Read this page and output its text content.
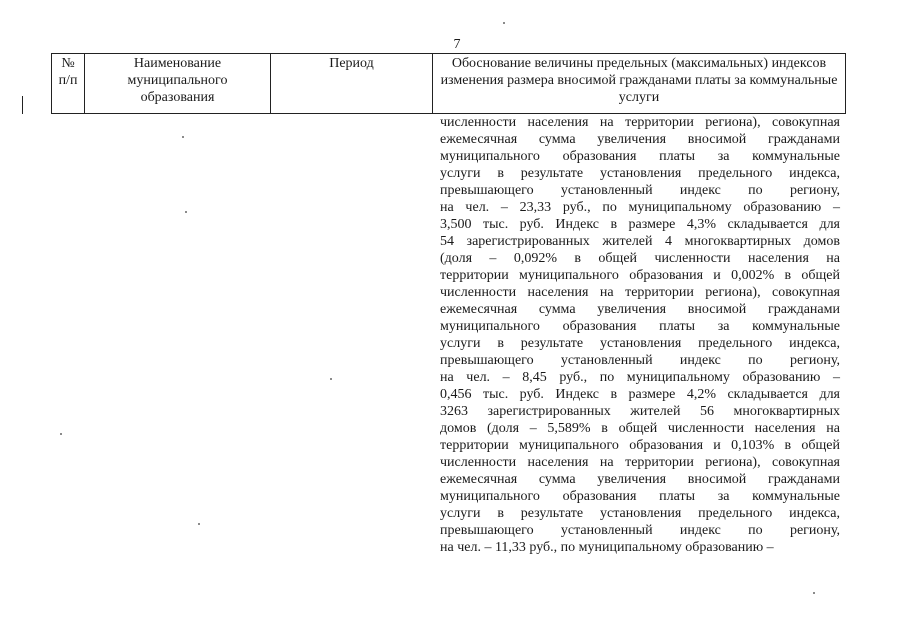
7
№ п/п	Наименование муниципального образования	Период	Обоснование величины предельных (максимальных) индексов изменения размера вносимой гражданами платы за коммунальные услуги
численности населения на территории региона), совокупная
ежемесячная сумма увеличения вносимой гражданами
муниципального образования платы за коммунальные
услуги в результате установления предельного индекса,
превышающего установленный индекс по региону,
на чел. – 23,33 руб., по муниципальному образованию –
3,500 тыс. руб. Индекс в размере 4,3% складывается для
54 зарегистрированных жителей 4 многоквартирных домов
(доля – 0,092% в общей численности населения на
территории муниципального образования и 0,002% в общей
численности населения на территории региона), совокупная
ежемесячная сумма увеличения вносимой гражданами
муниципального образования платы за коммунальные
услуги в результате установления предельного индекса,
превышающего установленный индекс по региону,
на чел. – 8,45 руб., по муниципальному образованию –
0,456 тыс. руб. Индекс в размере 4,2% складывается для
3263 зарегистрированных жителей 56 многоквартирных
домов (доля – 5,589% в общей численности населения на
территории муниципального образования и 0,103% в общей
численности населения на территории региона), совокупная
ежемесячная сумма увеличения вносимой гражданами
муниципального образования платы за коммунальные
услуги в результате установления предельного индекса,
превышающего установленный индекс по региону,
на чел. – 11,33 руб., по муниципальному образованию –
